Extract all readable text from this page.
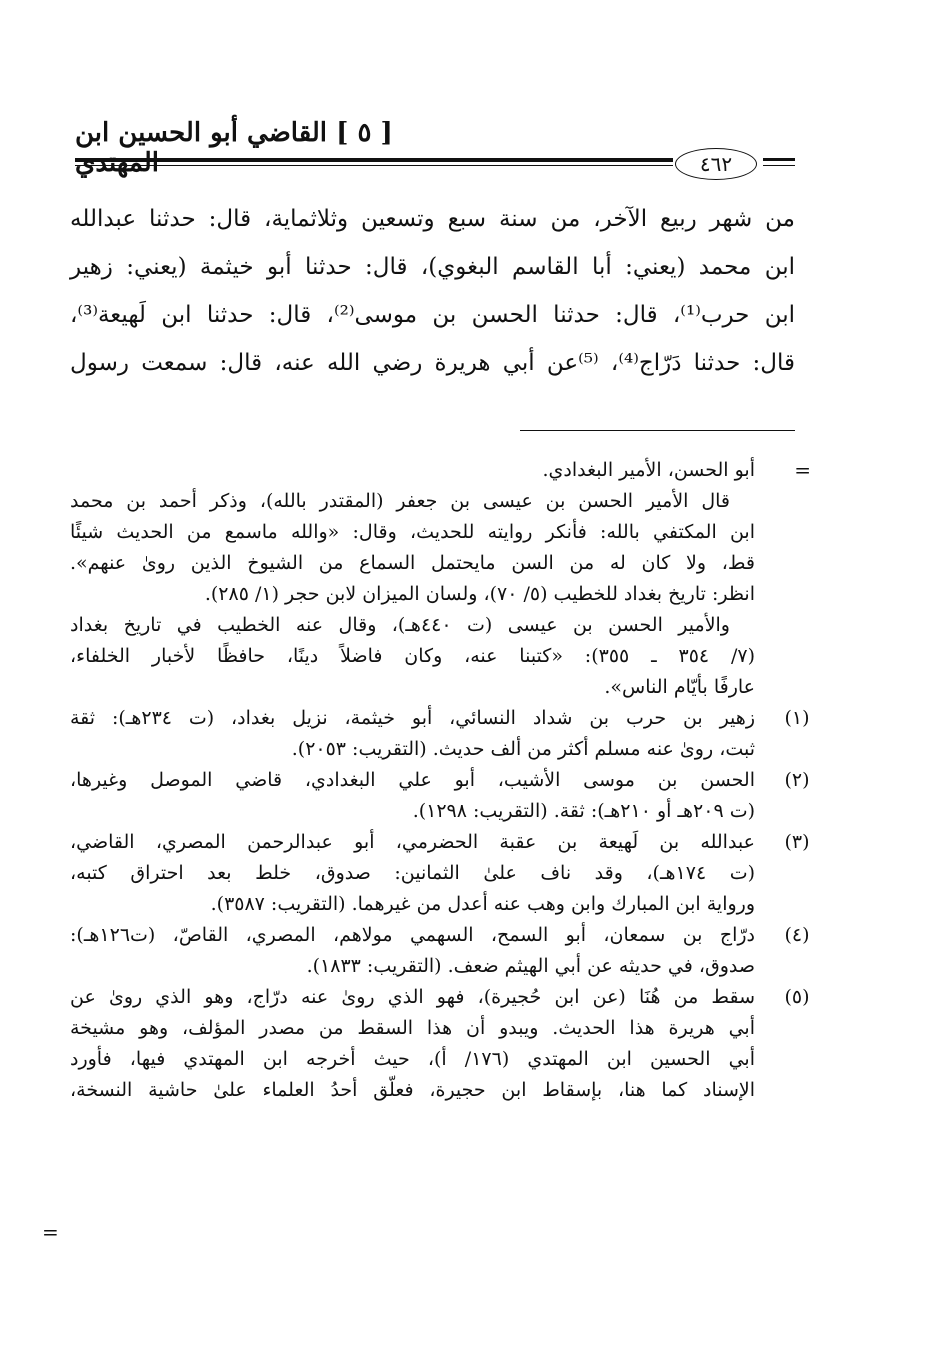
[ ٥ ] القاضي أبو الحسين ابن المهتدي	٤٦٢
من شهر ربيع الآخر، من سنة سبع وتسعين وثلاثماية، قال: حدثنا عبدالله
ابن محمد (يعني: أبا القاسم البغوي)، قال: حدثنا أبو خيثمة (يعني: زهير
ابن حرب⁽¹⁾، قال: حدثنا الحسن بن موسى⁽²⁾، قال: حدثنا ابن لَهيعة⁽³⁾،
قال: حدثنا دَرّاج⁽⁴⁾، ⁽⁵⁾عن أبي هريرة رضي الله عنه، قال: سمعت رسول
=
أبو الحسن، الأمير البغدادي.
قال الأمير الحسن بن عيسى بن جعفر (المقتدر بالله)، وذكر أحمد بن محمد
ابن المكتفي بالله: فأنكر روايته للحديث، وقال: «والله ماسمع من الحديث شيئًا
قط، ولا كان له من السن مايحتمل السماع من الشيوخ الذين روىٰ عنهم».
انظر: تاريخ بغداد للخطيب (٥/ ٧٠)، ولسان الميزان لابن حجر (١/ ٢٨٥).
والأمير الحسن بن عيسى (ت ٤٤٠هـ)، وقال عنه الخطيب في تاريخ بغداد
(٧/ ٣٥٤ ـ ٣٥٥): «كتبنا عنه، وكان فاضلاً دينًا، حافظًا لأخبار الخلفاء،
عارفًا بأيّام الناس».
(١)
زهير بن حرب بن شداد النسائي، أبو خيثمة، نزيل بغداد، (ت ٢٣٤هـ): ثقة
ثبت، روىٰ عنه مسلم أكثر من ألف حديث. (التقريب: ٢٠٥٣).
(٢)
الحسن بن موسى الأشيب، أبو علي البغدادي، قاضي الموصل وغيرها،
(ت ٢٠٩هـ أو ٢١٠هـ): ثقة. (التقريب: ١٢٩٨).
(٣)
عبدالله بن لَهيعة بن عقبة الحضرمي، أبو عبدالرحمن المصري، القاضي،
(ت ١٧٤هـ)، وقد ناف علىٰ الثمانين: صدوق، خلط بعد احتراق كتبه،
ورواية ابن المبارك وابن وهب عنه أعدل من غيرهما. (التقريب: ٣٥٨٧).
(٤)
درّاج بن سمعان، أبو السمح، السهمي مولاهم، المصري، القاصّ، (ت١٢٦هـ):
صدوق، في حديثه عن أبي الهيثم ضعف. (التقريب: ١٨٣٣).
(٥)
سقط من هُنَا (عن ابن حُجيرة)، فهو الذي روىٰ عنه درّاج، وهو الذي روىٰ عن
أبي هريرة هذا الحديث. ويبدو أن هذا السقط من مصدر المؤلف، وهو مشيخة
أبي الحسين ابن المهتدي (١٧٦/ أ)، حيث أخرجه ابن المهتدي فيها، فأورد
الإسناد كما هنا، بإسقاط ابن حجيرة، فعلّق أحدُ العلماء علىٰ حاشية النسخة،
=
